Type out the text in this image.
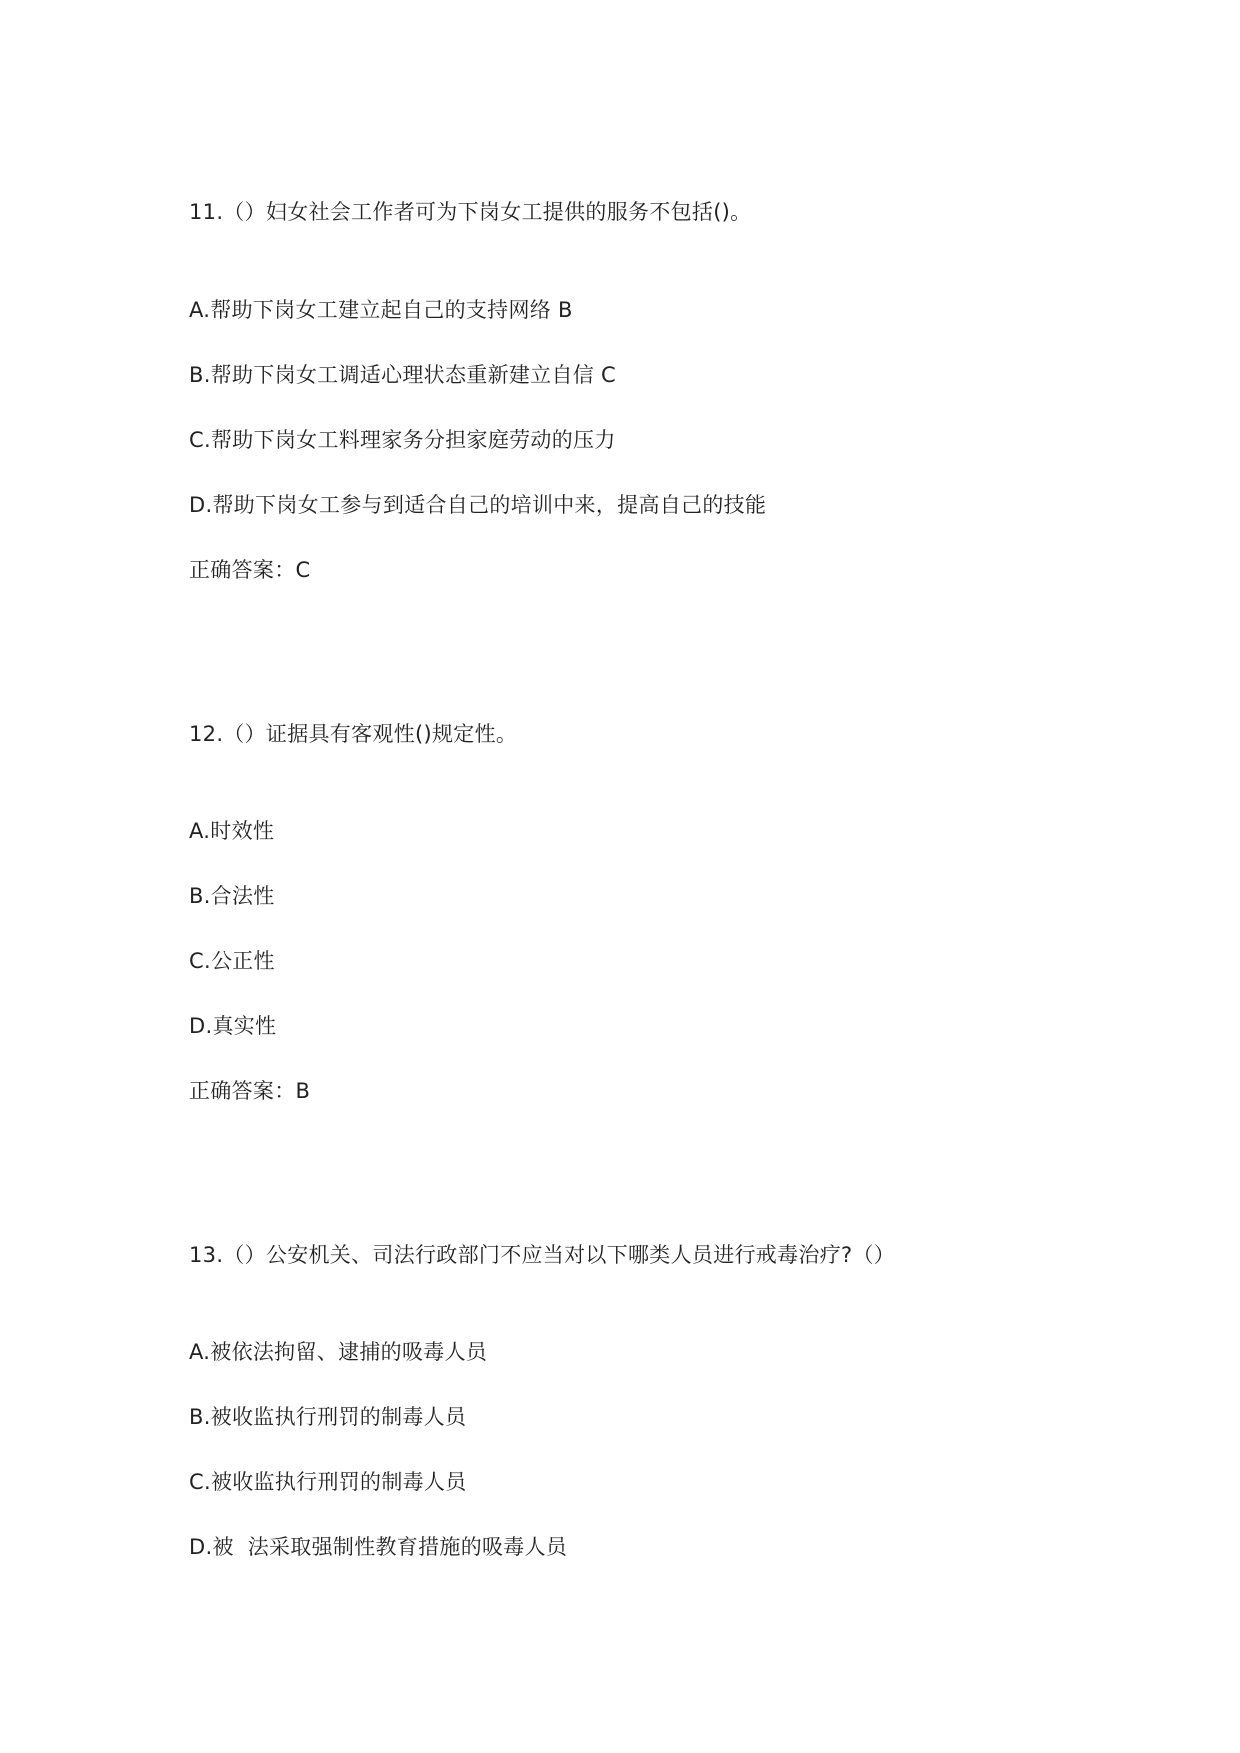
11.（）妇女社会工作者可为下岗女工提供的服务不包括()。
A.帮助下岗女工建立起自己的支持网络 B
B.帮助下岗女工调适心理状态重新建立自信 C
C.帮助下岗女工料理家务分担家庭劳动的压力
D.帮助下岗女工参与到适合自己的培训中来，提高自己的技能
正确答案：C
12.（）证据具有客观性()规定性。
A.时效性
B.合法性
C.公正性
D.真实性
正确答案：B
13.（）公安机关、司法行政部门不应当对以下哪类人员进行戒毒治疗?（）
A.被依法拘留、逮捕的吸毒人员
B.被收监执行刑罚的制毒人员
C.被收监执行刑罚的制毒人员
D.被  法采取强制性教育措施的吸毒人员
